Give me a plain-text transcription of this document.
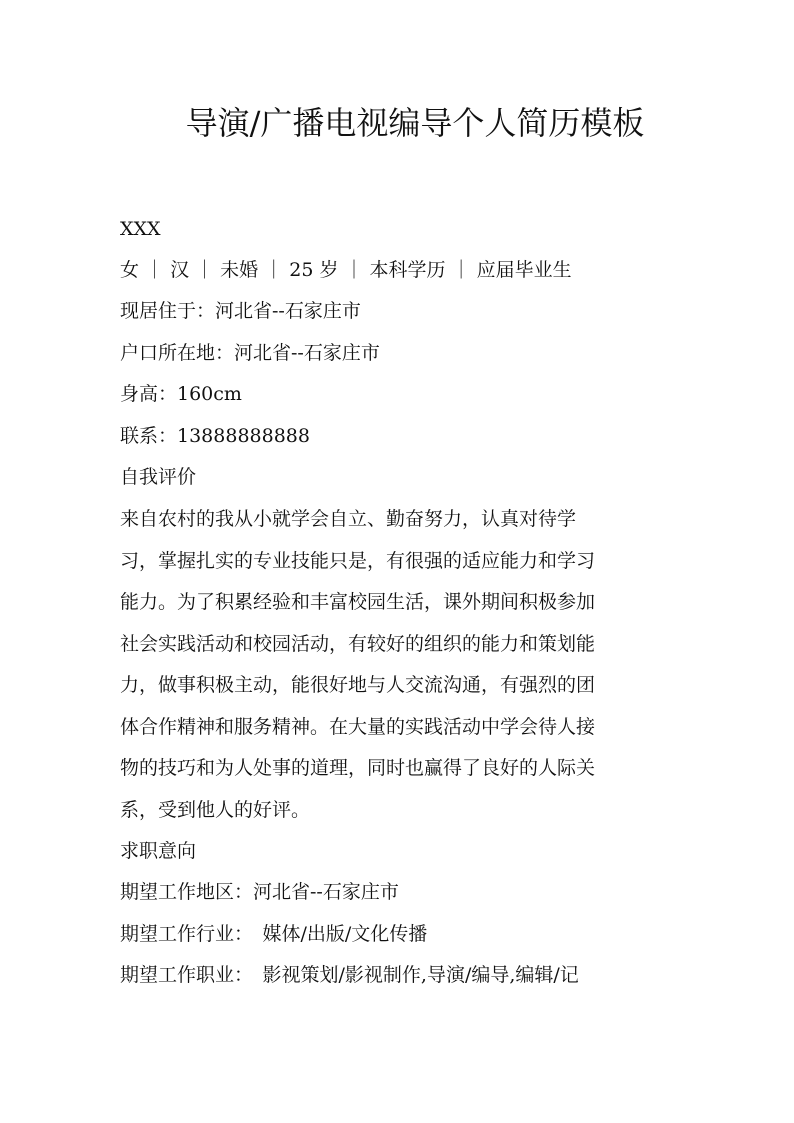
导演/广播电视编导个人简历模板
XXX
女 ｜ 汉 ｜ 未婚 ｜ 25 岁 ｜ 本科学历 ｜ 应届毕业生
现居住于：河北省--石家庄市
户口所在地：河北省--石家庄市
身高：160cm
联系：13888888888
自我评价
来自农村的我从小就学会自立、勤奋努力，认真对待学
习，掌握扎实的专业技能只是，有很强的适应能力和学习
能力。为了积累经验和丰富校园生活，课外期间积极参加
社会实践活动和校园活动，有较好的组织的能力和策划能
力，做事积极主动，能很好地与人交流沟通，有强烈的团
体合作精神和服务精神。在大量的实践活动中学会待人接
物的技巧和为人处事的道理，同时也赢得了良好的人际关
系，受到他人的好评。
求职意向
期望工作地区：河北省--石家庄市
期望工作行业：　媒体/出版/文化传播
期望工作职业：　影视策划/影视制作,导演/编导,编辑/记
